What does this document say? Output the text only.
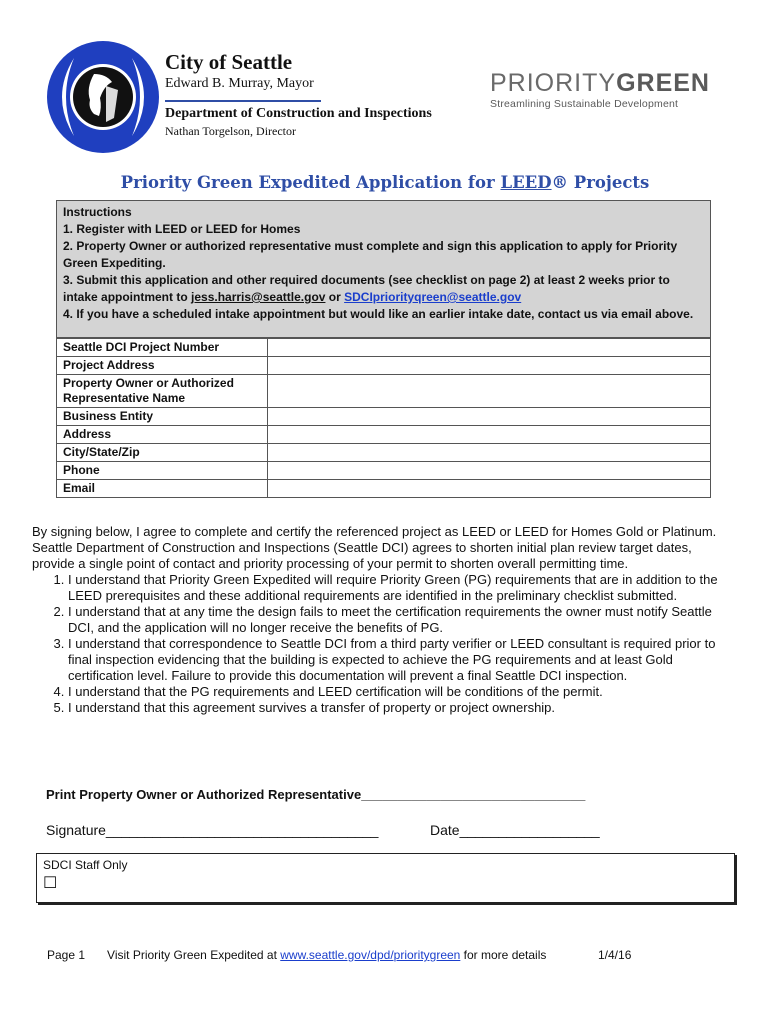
City of Seattle
Edward B. Murray, Mayor
Department of Construction and Inspections
Nathan Torgelson, Director
PRIORITYGREEN
Streamlining Sustainable Development
Priority Green Expedited Application for LEED® Projects
Instructions
1. Register with LEED or LEED for Homes
2. Property Owner or authorized representative must complete and sign this application to apply for Priority Green Expediting.
3. Submit this application and other required documents (see checklist on page 2) at least 2 weeks prior to intake appointment to jess.harris@seattle.gov or SDCIpriorityqreen@seattle.gov
4. If you have a scheduled intake appointment but would like an earlier intake date, contact us via email above.
Seattle DCI Project Number	
Project Address	
Property Owner or Authorized Representative Name	
Business Entity	
Address	
City/State/Zip	
Phone	
Email	

By signing below, I agree to complete and certify the referenced project as LEED or LEED for Homes Gold or Platinum. Seattle Department of Construction and Inspections (Seattle DCI) agrees to shorten initial plan review target dates, provide a single point of contact and priority processing of your permit to shorten overall permitting time.

1. I understand that Priority Green Expedited will require Priority Green (PG) requirements that are in addition to the LEED prerequisites and these additional requirements are identified in the preliminary checklist submitted.
2. I understand that at any time the design fails to meet the certification requirements the owner must notify Seattle DCI, and the application will no longer receive the benefits of PG.
3. I understand that correspondence to Seattle DCI from a third party verifier or LEED consultant is required prior to final inspection evidencing that the building is expected to achieve the PG requirements and at least Gold certification level. Failure to provide this documentation will prevent a final Seattle DCI inspection.
4. I understand that the PG requirements and LEED certification will be conditions of the permit.
5. I understand that this agreement survives a transfer of property or project ownership.
Print Property Owner or Authorized Representative_______________________________
Signature___________________________________	Date__________________
SDCI Staff Only
☐
Page 1 Visit Priority Green Expedited at www.seattle.gov/dpd/prioritygreen for more details	1/4/16
